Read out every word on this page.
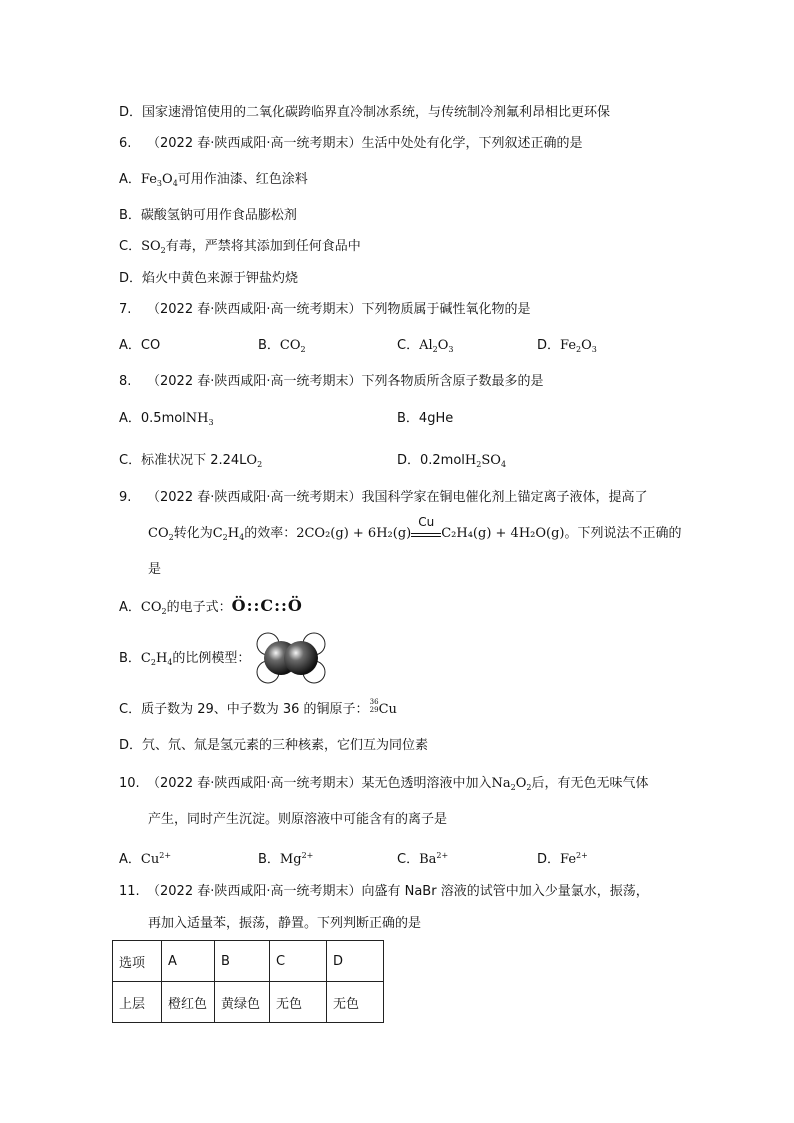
D．国家速滑馆使用的二氧化碳跨临界直冷制冰系统，与传统制冷剂氟利昂相比更环保
6. （2022 春·陕西咸阳·高一统考期末）生活中处处有化学，下列叙述正确的是
A．$Fe_3O_4$可用作油漆、红色涂料
B．碳酸氢钠可用作食品膨松剂
C．$SO_2$有毒，严禁将其添加到任何食品中
D．焰火中黄色来源于钾盐灼烧
7. （2022 春·陕西咸阳·高一统考期末）下列物质属于碱性氧化物的是
A．CO	B．$CO_2$	C．$Al_2O_3$	D．$Fe_2O_3$
8. （2022 春·陕西咸阳·高一统考期末）下列各物质所含原子数最多的是
A．0.5molNH$_3$	B．4gHe
C．标准状况下 $2.24LO_2$	D．$0.2molH_2SO_4$
9. （2022 春·陕西咸阳·高一统考期末）我国科学家在铜电催化剂上锚定离子液体，提高了
$CO_2$转化为$C_2H_4$的效率：2CO₂(g) + 6H₂(g)
Cu
C₂H₄(g) + 4H₂O(g)。下列说法不正确的
是
A．$CO_2$的电子式：Ö::C::Ö
B．$C_2H_4$的比例模型：
C．质子数为 29、中子数为 36 的铜原子： 36
29 Cu
D．氕、氘、氚是氢元素的三种核素，它们互为同位素
10. （2022 春·陕西咸阳·高一统考期末）某无色透明溶液中加入$Na_2O_2$后，有无色无味气体
产生，同时产生沉淀。则原溶液中可能含有的离子是
A．$Cu^{2+}$	B．$Mg^{2+}$	C．$Ba^{2+}$	D．$Fe^{2+}$
11. （2022 春·陕西咸阳·高一统考期末）向盛有 NaBr 溶液的试管中加入少量氯水，振荡，
再加入适量苯，振荡，静置。下列判断正确的是
选项	A	B	C	D
上层	橙红色	黄绿色	无色	无色
